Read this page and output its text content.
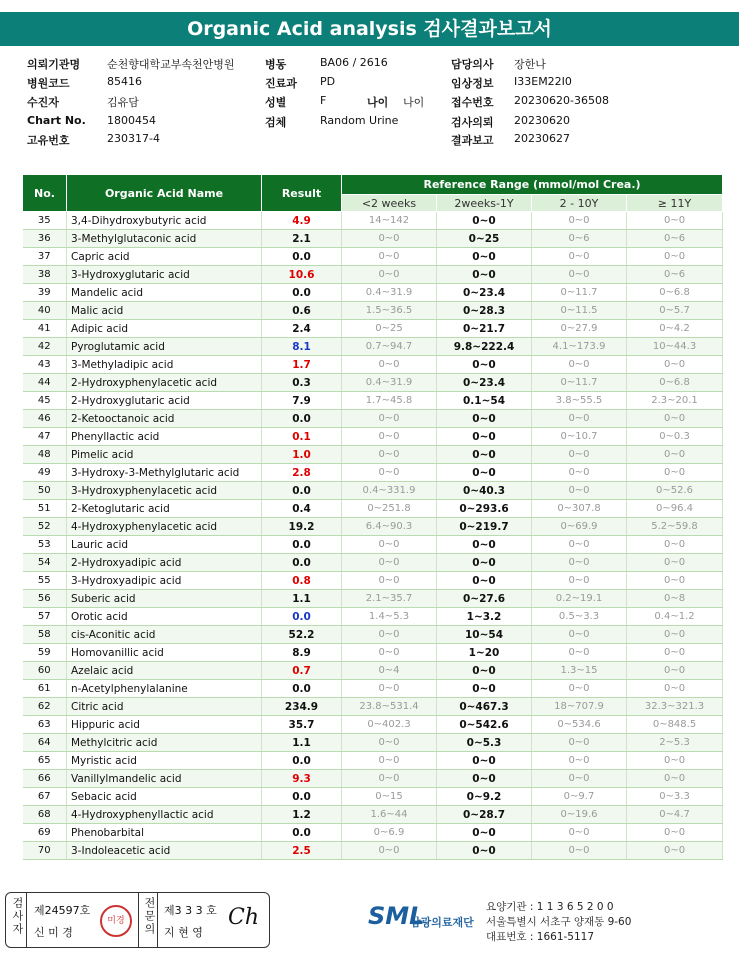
Organic Acid analysis 검사결과보고서
의뢰기관명 순천향대학교부속천안병원
병원코드	85416
수진자	김유담
Chart No. 1800454
고유번호	230317-4
병동	BA06 / 2616
진료과 PD
성별	F	나이 나이
검체	Random Urine
담당의사 장한나
임상정보 I33EM22I0
접수번호 20230620-36508
검사의뢰 20230620
결과보고 20230627
No.	Organic Acid Name	Result	Reference Range (mmol/mol Crea.)			
			<2 weeks	2weeks-1Y	2 - 10Y	≥ 11Y
35	3,4-Dihydroxybutyric acid	4.9	14~142	0~0	0~0	0~0
36	3-Methylglutaconic acid	2.1	0~0	0~25	0~6	0~6
37	Capric acid	0.0	0~0	0~0	0~0	0~0
38	3-Hydroxyglutaric acid	10.6	0~0	0~0	0~0	0~6
39	Mandelic acid	0.0	0.4~31.9	0~23.4	0~11.7	0~6.8
40	Malic acid	0.6	1.5~36.5	0~28.3	0~11.5	0~5.7
41	Adipic acid	2.4	0~25	0~21.7	0~27.9	0~4.2
42	Pyroglutamic acid	8.1	0.7~94.7	9.8~222.4	4.1~173.9	10~44.3
43	3-Methyladipic acid	1.7	0~0	0~0	0~0	0~0
44	2-Hydroxyphenylacetic acid	0.3	0.4~31.9	0~23.4	0~11.7	0~6.8
45	2-Hydroxyglutaric acid	7.9	1.7~45.8	0.1~54	3.8~55.5	2.3~20.1
46	2-Ketooctanoic acid	0.0	0~0	0~0	0~0	0~0
47	Phenyllactic acid	0.1	0~0	0~0	0~10.7	0~0.3
48	Pimelic acid	1.0	0~0	0~0	0~0	0~0
49	3-Hydroxy-3-Methylglutaric acid	2.8	0~0	0~0	0~0	0~0
50	3-Hydroxyphenylacetic acid	0.0	0.4~331.9	0~40.3	0~0	0~52.6
51	2-Ketoglutaric acid	0.4	0~251.8	0~293.6	0~307.8	0~96.4
52	4-Hydroxyphenylacetic acid	19.2	6.4~90.3	0~219.7	0~69.9	5.2~59.8
53	Lauric acid	0.0	0~0	0~0	0~0	0~0
54	2-Hydroxyadipic acid	0.0	0~0	0~0	0~0	0~0
55	3-Hydroxyadipic acid	0.8	0~0	0~0	0~0	0~0
56	Suberic acid	1.1	2.1~35.7	0~27.6	0.2~19.1	0~8
57	Orotic acid	0.0	1.4~5.3	1~3.2	0.5~3.3	0.4~1.2
58	cis-Aconitic acid	52.2	0~0	10~54	0~0	0~0
59	Homovanillic acid	8.9	0~0	1~20	0~0	0~0
60	Azelaic acid	0.7	0~4	0~0	1.3~15	0~0
61	n-Acetylphenylalanine	0.0	0~0	0~0	0~0	0~0
62	Citric acid	234.9	23.8~531.4	0~467.3	18~707.9	32.3~321.3
63	Hippuric acid	35.7	0~402.3	0~542.6	0~534.6	0~848.5
64	Methylcitric acid	1.1	0~0	0~5.3	0~0	2~5.3
65	Myristic acid	0.0	0~0	0~0	0~0	0~0
66	Vanillylmandelic acid	9.3	0~0	0~0	0~0	0~0
67	Sebacic acid	0.0	0~15	0~9.2	0~9.7	0~3.3
68	4-Hydroxyphenyllactic acid	1.2	1.6~44	0~28.7	0~19.6	0~4.7
69	Phenobarbital	0.0	0~6.9	0~0	0~0	0~0
70	3-Indoleacetic acid	2.5	0~0	0~0	0~0	0~0
검사자 제24597호
신 미 경
미경	전문의 제3 3 3 호
지 현 영
Ch	SML
삼광의료재단
요양기관 : 1 1 3 6 5 2 0 0
서울특별시 서초구 양재동 9-60
대표번호 : 1661-5117
